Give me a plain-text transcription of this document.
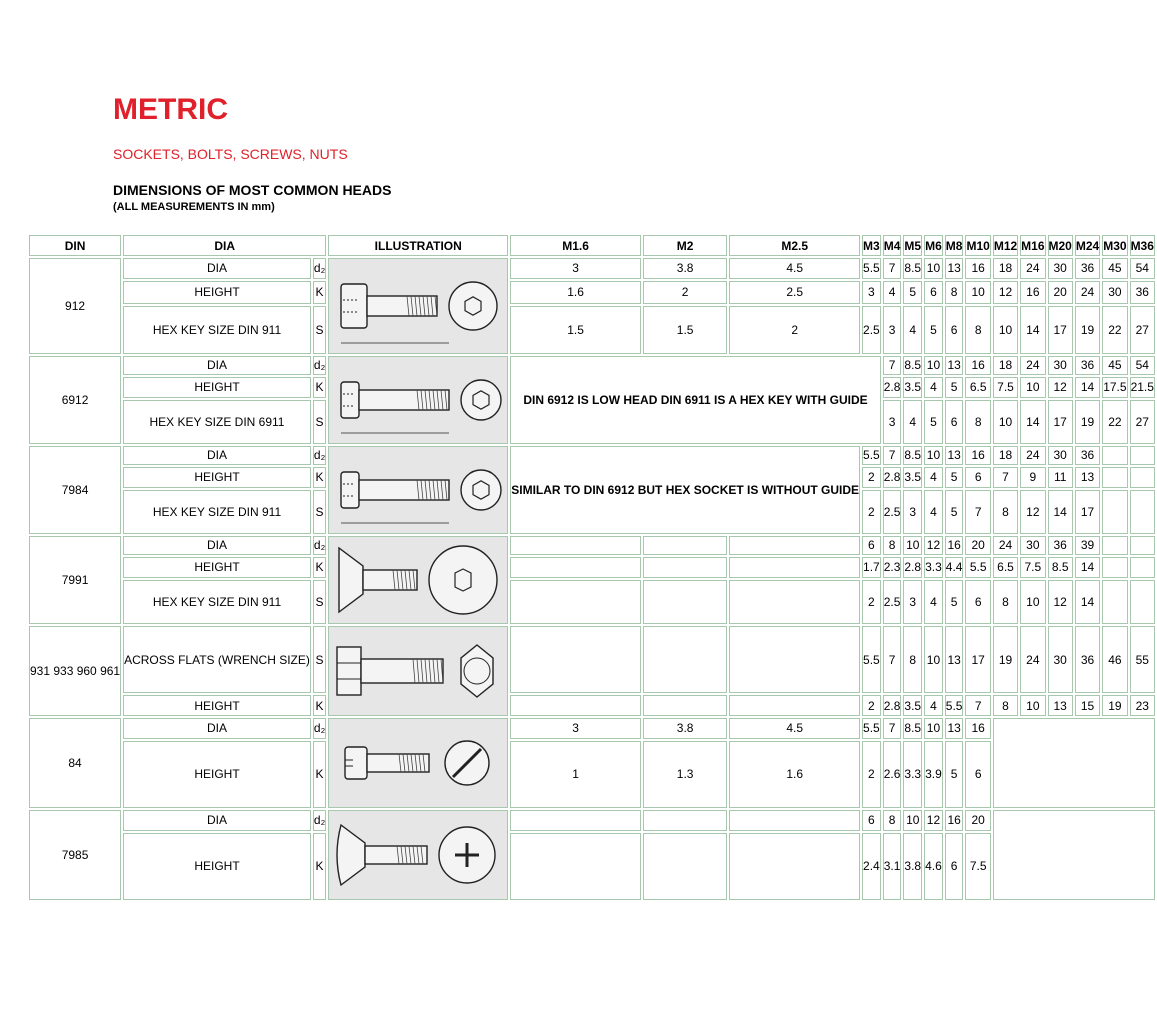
METRIC
SOCKETS, BOLTS, SCREWS, NUTS
DIMENSIONS OF MOST COMMON HEADS
(ALL MEASUREMENTS IN mm)
DIN	DIA		ILLUSTRATION	M1.6	M2	M2.5	M3	M4	M5	M6	M8	M10	M12	M16	M20	M24	M30	M36
912	DIA	d₂		3	3.8	4.5	5.5	7	8.5	10	13	16	18	24	30	36	45	54
	HEIGHT	K		1.6	2	2.5	3	4	5	6	8	10	12	16	20	24	30	36
	HEX KEY SIZE DIN 911	S		1.5	1.5	2	2.5	3	4	5	6	8	10	14	17	19	22	27
6912	DIA	d₂		DIN 6912 IS LOW HEAD DIN 6911 IS A HEX KEY WITH GUIDE				7	8.5	10	13	16	18	24	30	36	45	54
	HEIGHT	K						2.8	3.5	4	5	6.5	7.5	10	12	14	17.5	21.5
	HEX KEY SIZE DIN 6911	S						3	4	5	6	8	10	14	17	19	22	27
7984	DIA	d₂		SIMILAR TO DIN 6912 BUT HEX SOCKET IS WITHOUT GUIDE			5.5	7	8.5	10	13	16	18	24	30	36		
	HEIGHT	K					2	2.8	3.5	4	5	6	7	9	11	13		
	HEX KEY SIZE DIN 911	S					2	2.5	3	4	5	7	8	12	14	17		
7991	DIA	d₂					6	8	10	12	16	20	24	30	36	39		
	HEIGHT	K					1.7	2.3	2.8	3.3	4.4	5.5	6.5	7.5	8.5	14		
	HEX KEY SIZE DIN 911	S					2	2.5	3	4	5	6	8	10	12	14		
931 933 960 961	ACROSS FLATS (WRENCH SIZE)	S					5.5	7	8	10	13	17	19	24	30	36	46	55
	HEIGHT	K					2	2.8	3.5	4	5.5	7	8	10	13	15	19	23
84	DIA	d₂		3	3.8	4.5	5.5	7	8.5	10	13	16						
	HEIGHT	K		1	1.3	1.6	2	2.6	3.3	3.9	5	6						
7985	DIA	d₂					6	8	10	12	16	20						
	HEIGHT	K					2.4	3.1	3.8	4.6	6	7.5						
